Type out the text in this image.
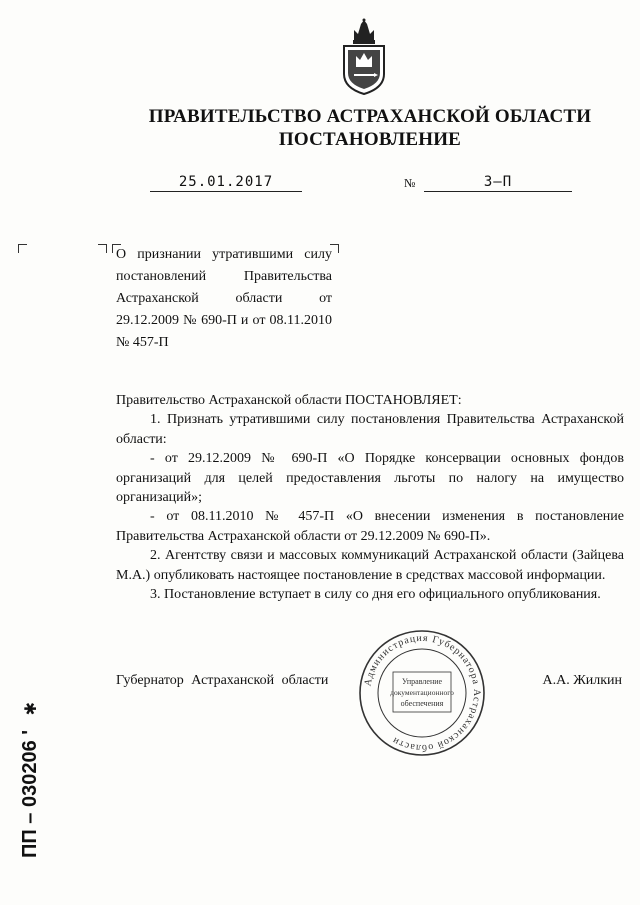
ПРАВИТЕЛЬСТВО АСТРАХАНСКОЙ ОБЛАСТИ
ПОСТАНОВЛЕНИЕ
25.01.2017	№	3–П
О признании утратившими силу постановлений Правительства Астраханской области от 29.12.2009 № 690-П и от 08.11.2010 № 457-П
Правительство Астраханской области ПОСТАНОВЛЯЕТ:
1. Признать утратившими силу постановления Правительства Астраханской области:
- от 29.12.2009 № 690-П «О Порядке консервации основных фондов организаций для целей предоставления льготы по налогу на имущество организаций»;
- от 08.11.2010 № 457-П «О внесении изменения в постановление Правительства Астраханской области от 29.12.2009 № 690-П».
2. Агентству связи и массовых коммуникаций Астраханской области (Зайцева М.А.) опубликовать настоящее постановление в средствах массовой информации.
3. Постановление вступает в силу со дня его официального опубликования.
Губернатор Астраханской области	А.А. Жилкин
Администрация Губернатора Астраханской области
Управление
документационного
обеспечения
ПП – 030206 '
✱
